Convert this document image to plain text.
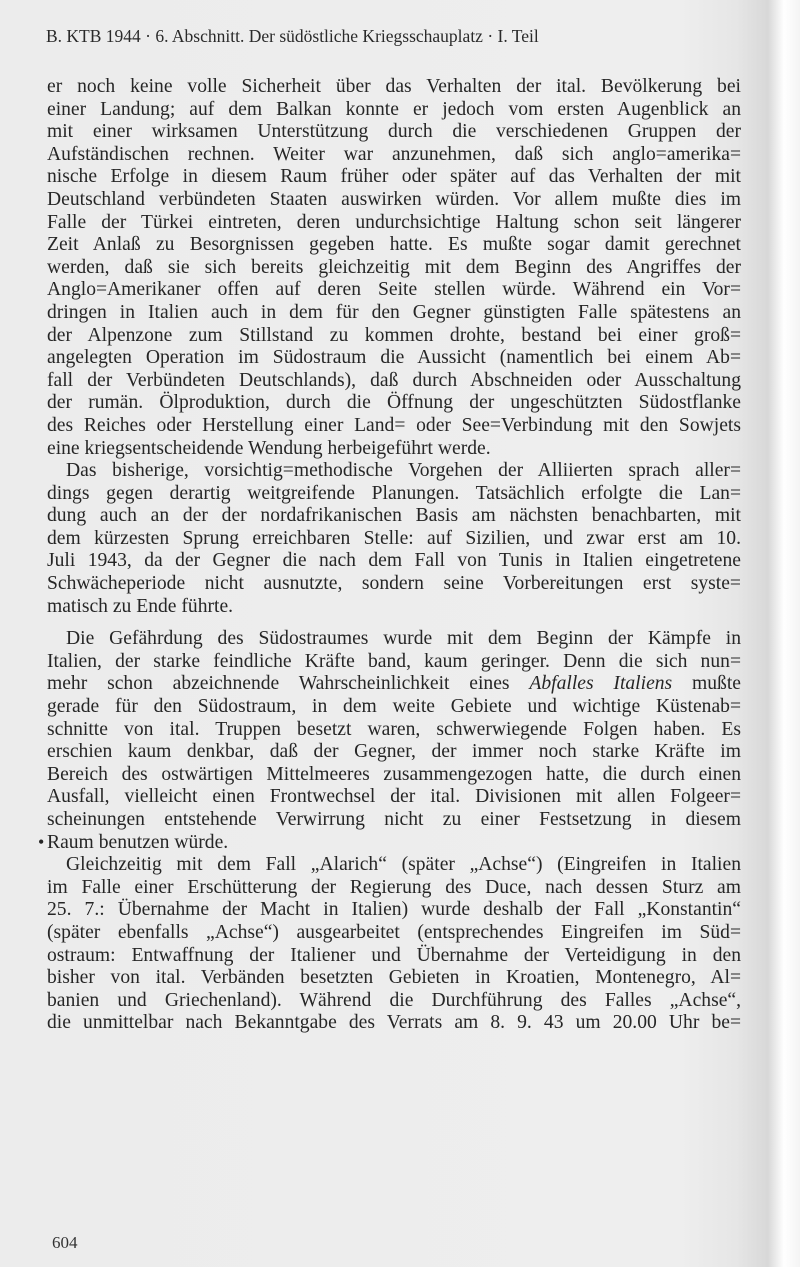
B. KTB 1944 · 6. Abschnitt. Der südöstliche Kriegsschauplatz · I. Teil
er noch keine volle Sicherheit über das Verhalten der ital. Bevölkerung bei
einer Landung; auf dem Balkan konnte er jedoch vom ersten Augenblick an
mit einer wirksamen Unterstützung durch die verschiedenen Gruppen der
Aufständischen rechnen. Weiter war anzunehmen, daß sich anglo=amerika=
nische Erfolge in diesem Raum früher oder später auf das Verhalten der mit
Deutschland verbündeten Staaten auswirken würden. Vor allem mußte dies im
Falle der Türkei eintreten, deren undurchsichtige Haltung schon seit längerer
Zeit Anlaß zu Besorgnissen gegeben hatte. Es mußte sogar damit gerechnet
werden, daß sie sich bereits gleichzeitig mit dem Beginn des Angriffes der
Anglo=Amerikaner offen auf deren Seite stellen würde. Während ein Vor=
dringen in Italien auch in dem für den Gegner günstigten Falle spätestens an
der Alpenzone zum Stillstand zu kommen drohte, bestand bei einer groß=
angelegten Operation im Südostraum die Aussicht (namentlich bei einem Ab=
fall der Verbündeten Deutschlands), daß durch Abschneiden oder Ausschaltung
der rumän. Ölproduktion, durch die Öffnung der ungeschützten Südostflanke
des Reiches oder Herstellung einer Land= oder See=Verbindung mit den Sowjets
eine kriegsentscheidende Wendung herbeigeführt werde.
Das bisherige, vorsichtig=methodische Vorgehen der Alliierten sprach aller=
dings gegen derartig weitgreifende Planungen. Tatsächlich erfolgte die Lan=
dung auch an der der nordafrikanischen Basis am nächsten benachbarten, mit
dem kürzesten Sprung erreichbaren Stelle: auf Sizilien, und zwar erst am 10.
Juli 1943, da der Gegner die nach dem Fall von Tunis in Italien eingetretene
Schwächeperiode nicht ausnutzte, sondern seine Vorbereitungen erst syste=
matisch zu Ende führte.
Die Gefährdung des Südostraumes wurde mit dem Beginn der Kämpfe in
Italien, der starke feindliche Kräfte band, kaum geringer. Denn die sich nun=
mehr schon abzeichnende Wahrscheinlichkeit eines Abfalles Italiens mußte
gerade für den Südostraum, in dem weite Gebiete und wichtige Küstenab=
schnitte von ital. Truppen besetzt waren, schwerwiegende Folgen haben. Es
erschien kaum denkbar, daß der Gegner, der immer noch starke Kräfte im
Bereich des ostwärtigen Mittelmeeres zusammengezogen hatte, die durch einen
Ausfall, vielleicht einen Frontwechsel der ital. Divisionen mit allen Folgeer=
scheinungen entstehende Verwirrung nicht zu einer Festsetzung in diesem
Raum benutzen würde.
•
Gleichzeitig mit dem Fall „Alarich“ (später „Achse“) (Eingreifen in Italien
im Falle einer Erschütterung der Regierung des Duce, nach dessen Sturz am
25. 7.: Übernahme der Macht in Italien) wurde deshalb der Fall „Konstantin“
(später ebenfalls „Achse“) ausgearbeitet (entsprechendes Eingreifen im Süd=
ostraum: Entwaffnung der Italiener und Übernahme der Verteidigung in den
bisher von ital. Verbänden besetzten Gebieten in Kroatien, Montenegro, Al=
banien und Griechenland). Während die Durchführung des Falles „Achse“,
die unmittelbar nach Bekanntgabe des Verrats am 8. 9. 43 um 20.00 Uhr be=
604
